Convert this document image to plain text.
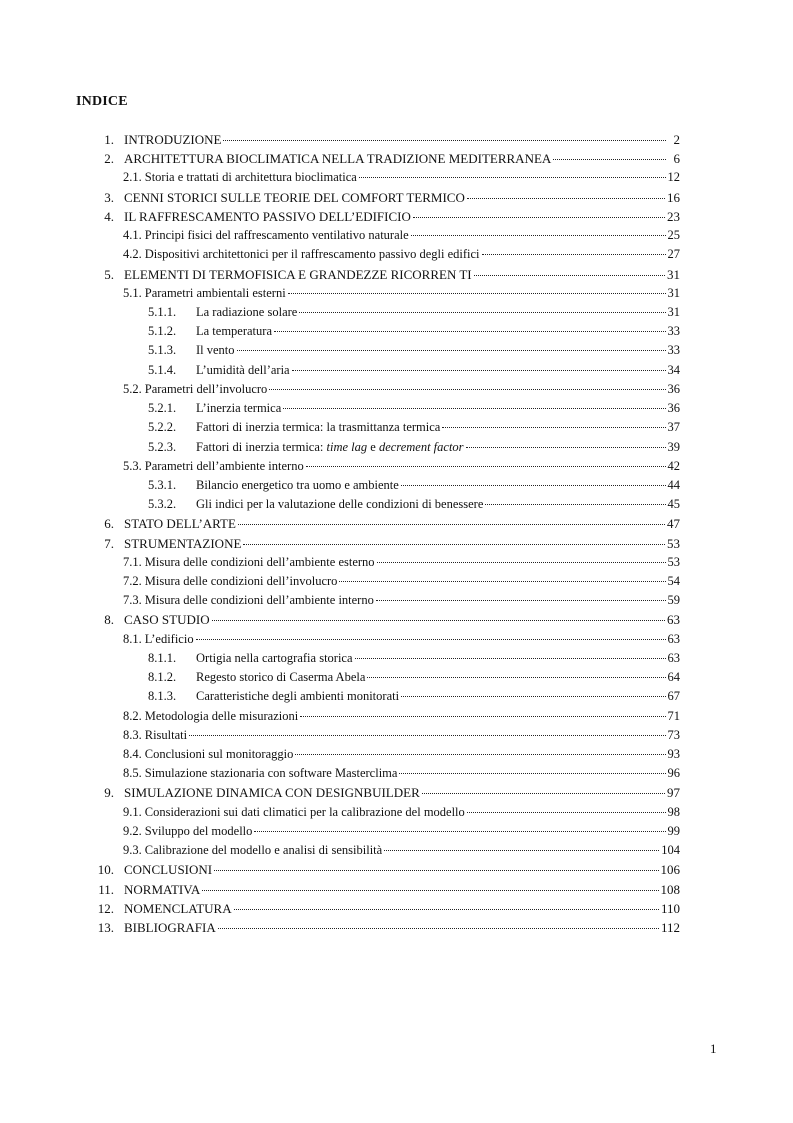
INDICE
1. INTRODUZIONE	2
2. ARCHITETTURA BIOCLIMATICA NELLA TRADIZIONE MEDITERRANEA	6
2.1. Storia e trattati di architettura bioclimatica	12
3. CENNI STORICI SULLE TEORIE DEL COMFORT TERMICO	16
4. IL RAFFRESCAMENTO PASSIVO DELL’EDIFICIO	23
4.1. Principi fisici del raffrescamento ventilativo naturale	25
4.2. Dispositivi architettonici per il raffrescamento passivo degli edifici	27
5. ELEMENTI DI TERMOFISICA E GRANDEZZE RICORREN TI	31
5.1. Parametri ambientali esterni	31
5.1.1. La radiazione solare	31
5.1.2. La temperatura	33
5.1.3. Il vento	33
5.1.4. L’umidità dell’aria	34
5.2. Parametri dell’involucro	36
5.2.1. L’inerzia termica	36
5.2.2. Fattori di inerzia termica: la trasmittanza termica	37
5.2.3. Fattori di inerzia termica: time lag e decrement factor	39
5.3. Parametri dell’ambiente interno	42
5.3.1. Bilancio energetico tra uomo e ambiente	44
5.3.2. Gli indici per la valutazione delle condizioni di benessere	45
6. STATO DELL’ARTE	47
7. STRUMENTAZIONE	53
7.1. Misura delle condizioni dell’ambiente esterno	53
7.2. Misura delle condizioni dell’involucro	54
7.3. Misura delle condizioni dell’ambiente interno	59
8. CASO STUDIO	63
8.1. L’edificio	63
8.1.1. Ortigia nella cartografia storica	63
8.1.2. Regesto storico di Caserma Abela	64
8.1.3. Caratteristiche degli ambienti monitorati	67
8.2. Metodologia delle misurazioni	71
8.3. Risultati	73
8.4. Conclusioni sul monitoraggio	93
8.5. Simulazione stazionaria con software Masterclima	96
9. SIMULAZIONE DINAMICA CON DESIGNBUILDER	97
9.1. Considerazioni sui dati climatici per la calibrazione del modello	98
9.2. Sviluppo del modello	99
9.3. Calibrazione del modello e analisi di sensibilità	104
10. CONCLUSIONI	106
11. NORMATIVA	108
12. NOMENCLATURA	110
13. BIBLIOGRAFIA	112
1
